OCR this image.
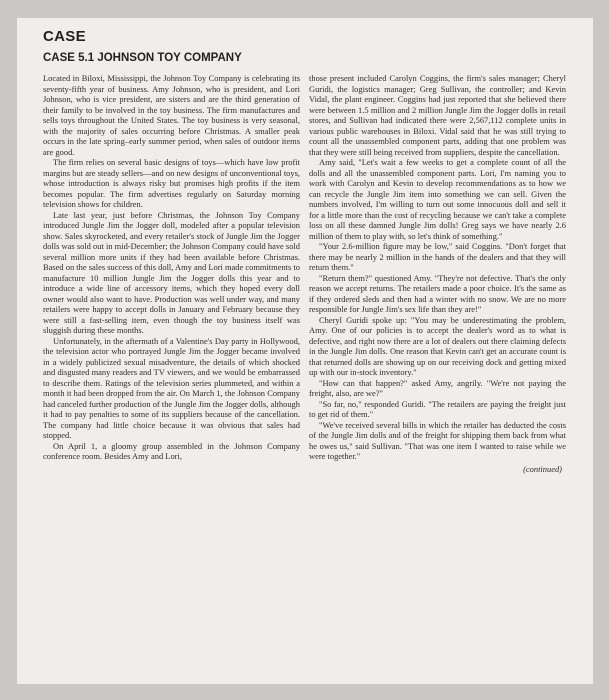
CASE
CASE 5.1 JOHNSON TOY COMPANY

Located in Biloxi, Mississippi, the Johnson Toy Company is celebrating its seventy-fifth year of business. Amy Johnson, who is president, and Lori Johnson, who is vice president, are sisters and are the third generation of their family to be involved in the toy business. The firm manufactures and sells toys throughout the United States. The toy business is very seasonal, with the majority of sales occurring before Christmas. A smaller peak occurs in the late spring–early summer period, when sales of outdoor items are good.

The firm relies on several basic designs of toys—which have low profit margins but are steady sellers—and on new designs of unconventional toys, whose introduction is always risky but promises high profits if the item becomes popular. The firm advertises regularly on Saturday morning television shows for children.

Late last year, just before Christmas, the Johnson Toy Company introduced Jungle Jim the Jogger doll, modeled after a popular television show. Sales skyrocketed, and every retailer's stock of Jungle Jim the Jogger dolls was sold out in mid-December; the Johnson Company could have sold several million more units if they had been available before Christmas. Based on the sales success of this doll, Amy and Lori made commitments to manufacture 10 million Jungle Jim the Jogger dolls this year and to introduce a wide line of accessory items, which they hoped every doll owner would also want to have. Production was well under way, and many retailers were happy to accept dolls in January and February because they were still a fast-selling item, even though the toy business itself was sluggish during these months.

Unfortunately, in the aftermath of a Valentine's Day party in Hollywood, the television actor who portrayed Jungle Jim the Jogger became involved in a widely publicized sexual misadventure, the details of which shocked and disgusted many readers and TV viewers, and we would be embarrassed to describe them. Ratings of the television series plummeted, and within a month it had been dropped from the air. On March 1, the Johnson Company had canceled further production of the Jungle Jim the Jogger dolls, although it had to pay penalties to some of its suppliers because of the cancellation. The company had little choice because it was obvious that sales had stopped.

On April 1, a gloomy group assembled in the Johnson Company conference room. Besides Amy and Lori,

those present included Carolyn Coggins, the firm's sales manager; Cheryl Guridi, the logistics manager; Greg Sullivan, the controller; and Kevin Vidal, the plant engineer. Coggins had just reported that she believed there were between 1.5 million and 2 million Jungle Jim the Jogger dolls in retail stores, and Sullivan had indicated there were 2,567,112 complete units in various public warehouses in Biloxi. Vidal said that he was still trying to count all the unassembled component parts, adding that one problem was that they were still being received from suppliers, despite the cancellation.

Amy said, "Let's wait a few weeks to get a complete count of all the dolls and all the unassembled component parts. Lori, I'm naming you to work with Carolyn and Kevin to develop recommendations as to how we can recycle the Jungle Jim item into something we can sell. Given the numbers involved, I'm willing to turn out some innocuous doll and sell it for a little more than the cost of recycling because we can't take a complete loss on all these damned Jungle Jim dolls! Greg says we have nearly 2.6 million of them to play with, so let's think of something."

"Your 2.6-million figure may be low," said Coggins. "Don't forget that there may be nearly 2 million in the hands of the dealers and that they will return them."

"Return them?" questioned Amy. "They're not defective. That's the only reason we accept returns. The retailers made a poor choice. It's the same as if they ordered sleds and then had a winter with no snow. We are no more responsible for Jungle Jim's sex life than they are!"

Cheryl Guridi spoke up: "You may be underestimating the problem, Amy. One of our policies is to accept the dealer's word as to what is defective, and right now there are a lot of dealers out there claiming defects in the Jungle Jim dolls. One reason that Kevin can't get an accurate count is that returned dolls are showing up on our receiving dock and getting mixed up with our in-stock inventory."

"How can that happen?" asked Amy, angrily. "We're not paying the freight, also, are we?"

"So far, no," responded Guridi. "The retailers are paying the freight just to get rid of them."

"We've received several bills in which the retailer has deducted the costs of the Jungle Jim dolls and of the freight for shipping them back from what he owes us," said Sullivan. "That was one item I wanted to raise while we were together."

(continued)
